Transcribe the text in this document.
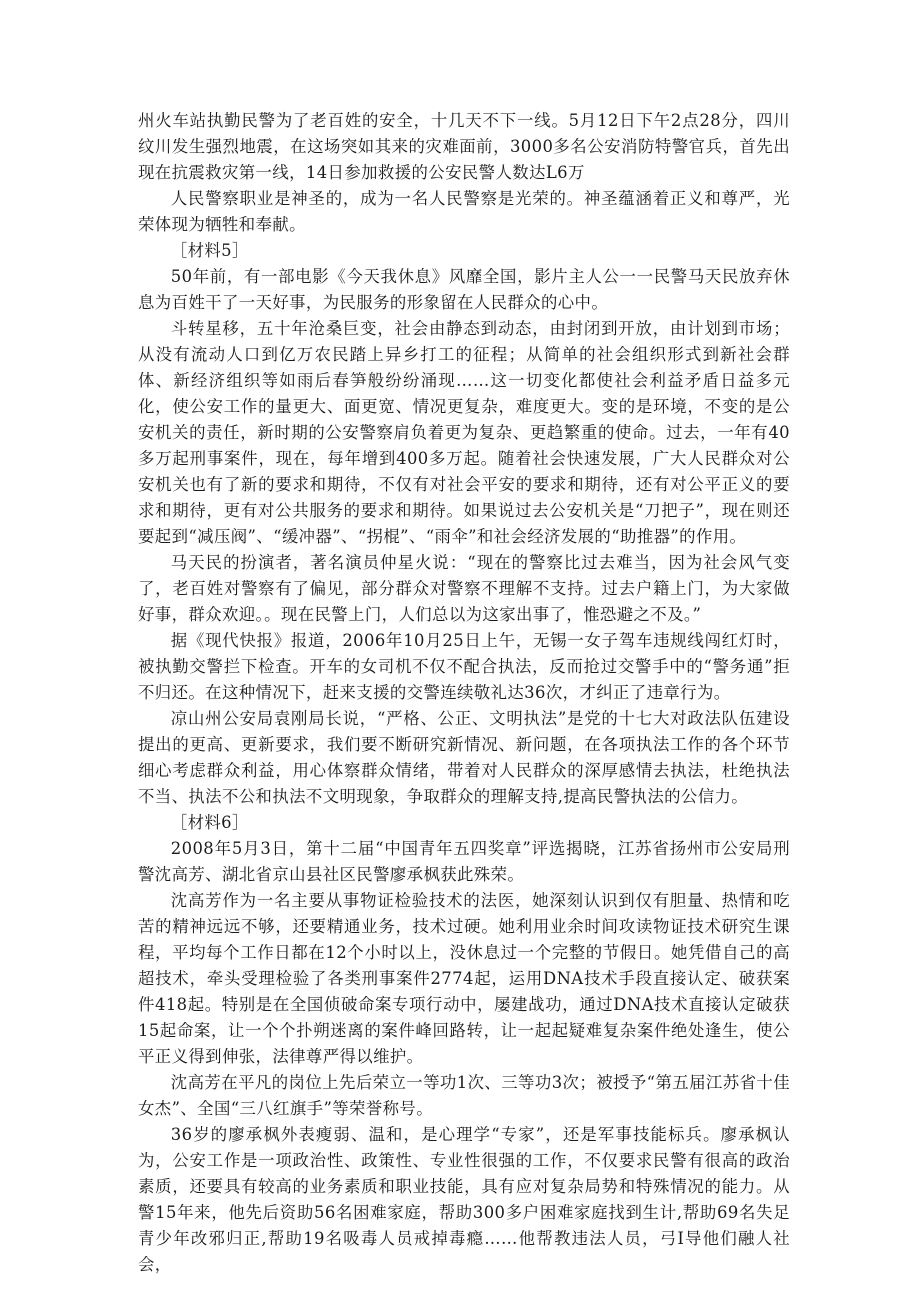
州火车站执勤民警为了老百姓的安全，十几天不下一线。5月12日下午2点28分，四川纹川发生强烈地震，在这场突如其来的灾难面前，3000多名公安消防特警官兵，首先出现在抗震救灾第一线，14日参加救援的公安民警人数达L6万

人民警察职业是神圣的，成为一名人民警察是光荣的。神圣蕴涵着正义和尊严，光荣体现为牺牲和奉献。

［材料5］

50年前，有一部电影《今天我休息》风靡全国，影片主人公一一民警马天民放弃休息为百姓干了一天好事，为民服务的形象留在人民群众的心中。

斗转星移，五十年沧桑巨变，社会由静态到动态，由封闭到开放，由计划到市场；从没有流动人口到亿万农民踏上异乡打工的征程；从简单的社会组织形式到新社会群体、新经济组织等如雨后春笋般纷纷涌现……这一切变化都使社会利益矛盾日益多元化，使公安工作的量更大、面更宽、情况更复杂，难度更大。变的是环境，不变的是公安机关的责任，新时期的公安警察肩负着更为复杂、更趋繁重的使命。过去，一年有40多万起刑事案件，现在，每年增到400多万起。随着社会快速发展，广大人民群众对公安机关也有了新的要求和期待，不仅有对社会平安的要求和期待，还有对公平正义的要求和期待，更有对公共服务的要求和期待。如果说过去公安机关是“刀把子”，现在则还要起到“减压阀”、“缓冲器”、“拐棍”、“雨伞”和社会经济发展的“助推器”的作用。

马天民的扮演者，著名演员仲星火说：“现在的警察比过去难当，因为社会风气变了，老百姓对警察有了偏见，部分群众对警察不理解不支持。过去户籍上门，为大家做好事，群众欢迎。。现在民警上门，人们总以为这家出事了，惟恐避之不及。”

据《现代快报》报道，2006年10月25日上午，无锡一女子驾车违规线闯红灯时，被执勤交警拦下检查。开车的女司机不仅不配合执法，反而抢过交警手中的“警务通”拒不归还。在这种情况下，赶来支援的交警连续敬礼达36次，才纠正了违章行为。

凉山州公安局袁刚局长说，“严格、公正、文明执法”是党的十七大对政法队伍建设提出的更高、更新要求，我们要不断研究新情况、新问题，在各项执法工作的各个环节细心考虑群众利益，用心体察群众情绪，带着对人民群众的深厚感情去执法，杜绝执法不当、执法不公和执法不文明现象，争取群众的理解支持,提高民警执法的公信力。

［材料6］

2008年5月3日，第十二届“中国青年五四奖章”评选揭晓，江苏省扬州市公安局刑警沈高芳、湖北省京山县社区民警廖承枫获此殊荣。

沈高芳作为一名主要从事物证检验技术的法医，她深刻认识到仅有胆量、热情和吃苦的精神远远不够，还要精通业务，技术过硬。她利用业余时间攻读物证技术研究生课程，平均每个工作日都在12个小时以上，没休息过一个完整的节假日。她凭借自己的高超技术，牵头受理检验了各类刑事案件2774起，运用DNA技术手段直接认定、破获案件418起。特别是在全国侦破命案专项行动中，屡建战功，通过DNA技术直接认定破获15起命案，让一个个扑朔迷离的案件峰回路转，让一起起疑难复杂案件绝处逢生，使公平正义得到伸张，法律尊严得以维护。

沈高芳在平凡的岗位上先后荣立一等功1次、三等功3次；被授予“第五届江苏省十佳女杰”、全国“三八红旗手”等荣誉称号。

36岁的廖承枫外表瘦弱、温和，是心理学“专家”，还是军事技能标兵。廖承枫认为，公安工作是一项政治性、政策性、专业性很强的工作，不仅要求民警有很高的政治素质，还要具有较高的业务素质和职业技能，具有应对复杂局势和特殊情况的能力。从警15年来，他先后资助56名困难家庭，帮助300多户困难家庭找到生计,帮助69名失足青少年改邪归正,帮助19名吸毒人员戒掉毒瘾……他帮教违法人员，弓I导他们融人社会，
